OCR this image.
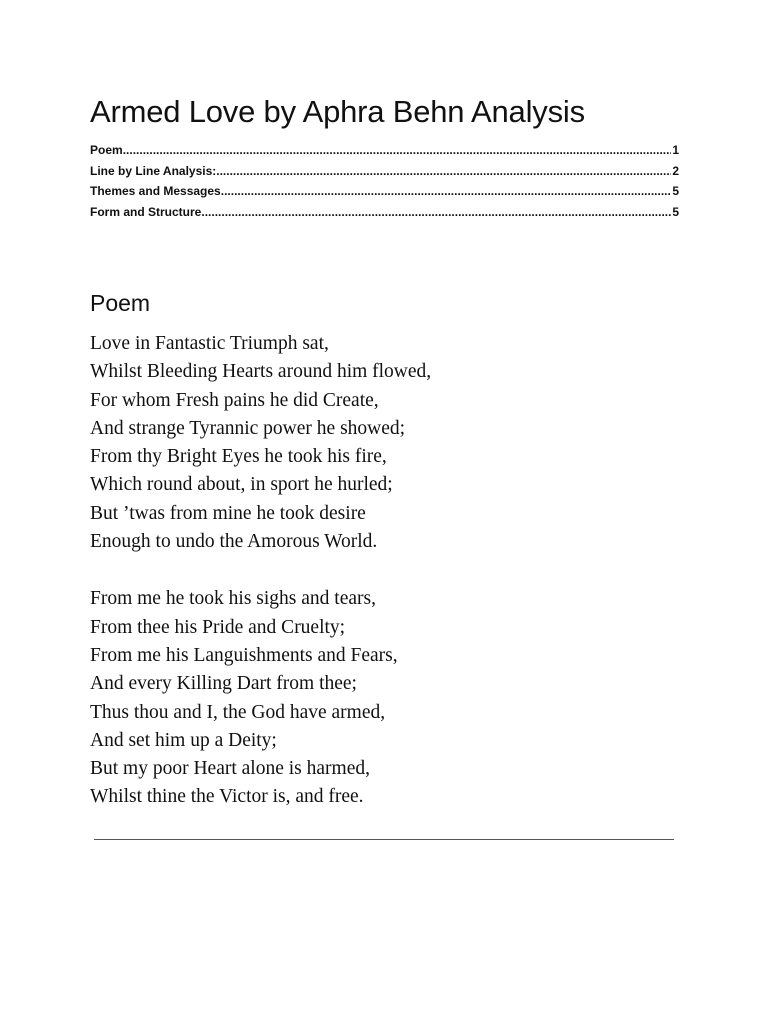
Armed Love by Aphra Behn Analysis
Poem .....	1
Line by Line Analysis: .....	2
Themes and Messages .....	5
Form and Structure .....	5
Poem
Love in Fantastic Triumph sat,
Whilst Bleeding Hearts around him flowed,
For whom Fresh pains he did Create,
And strange Tyrannic power he showed;
From thy Bright Eyes he took his fire,
Which round about, in sport he hurled;
But ’twas from mine he took desire
Enough to undo the Amorous World.
From me he took his sighs and tears,
From thee his Pride and Cruelty;
From me his Languishments and Fears,
And every Killing Dart from thee;
Thus thou and I, the God have armed,
And set him up a Deity;
But my poor Heart alone is harmed,
Whilst thine the Victor is, and free.
